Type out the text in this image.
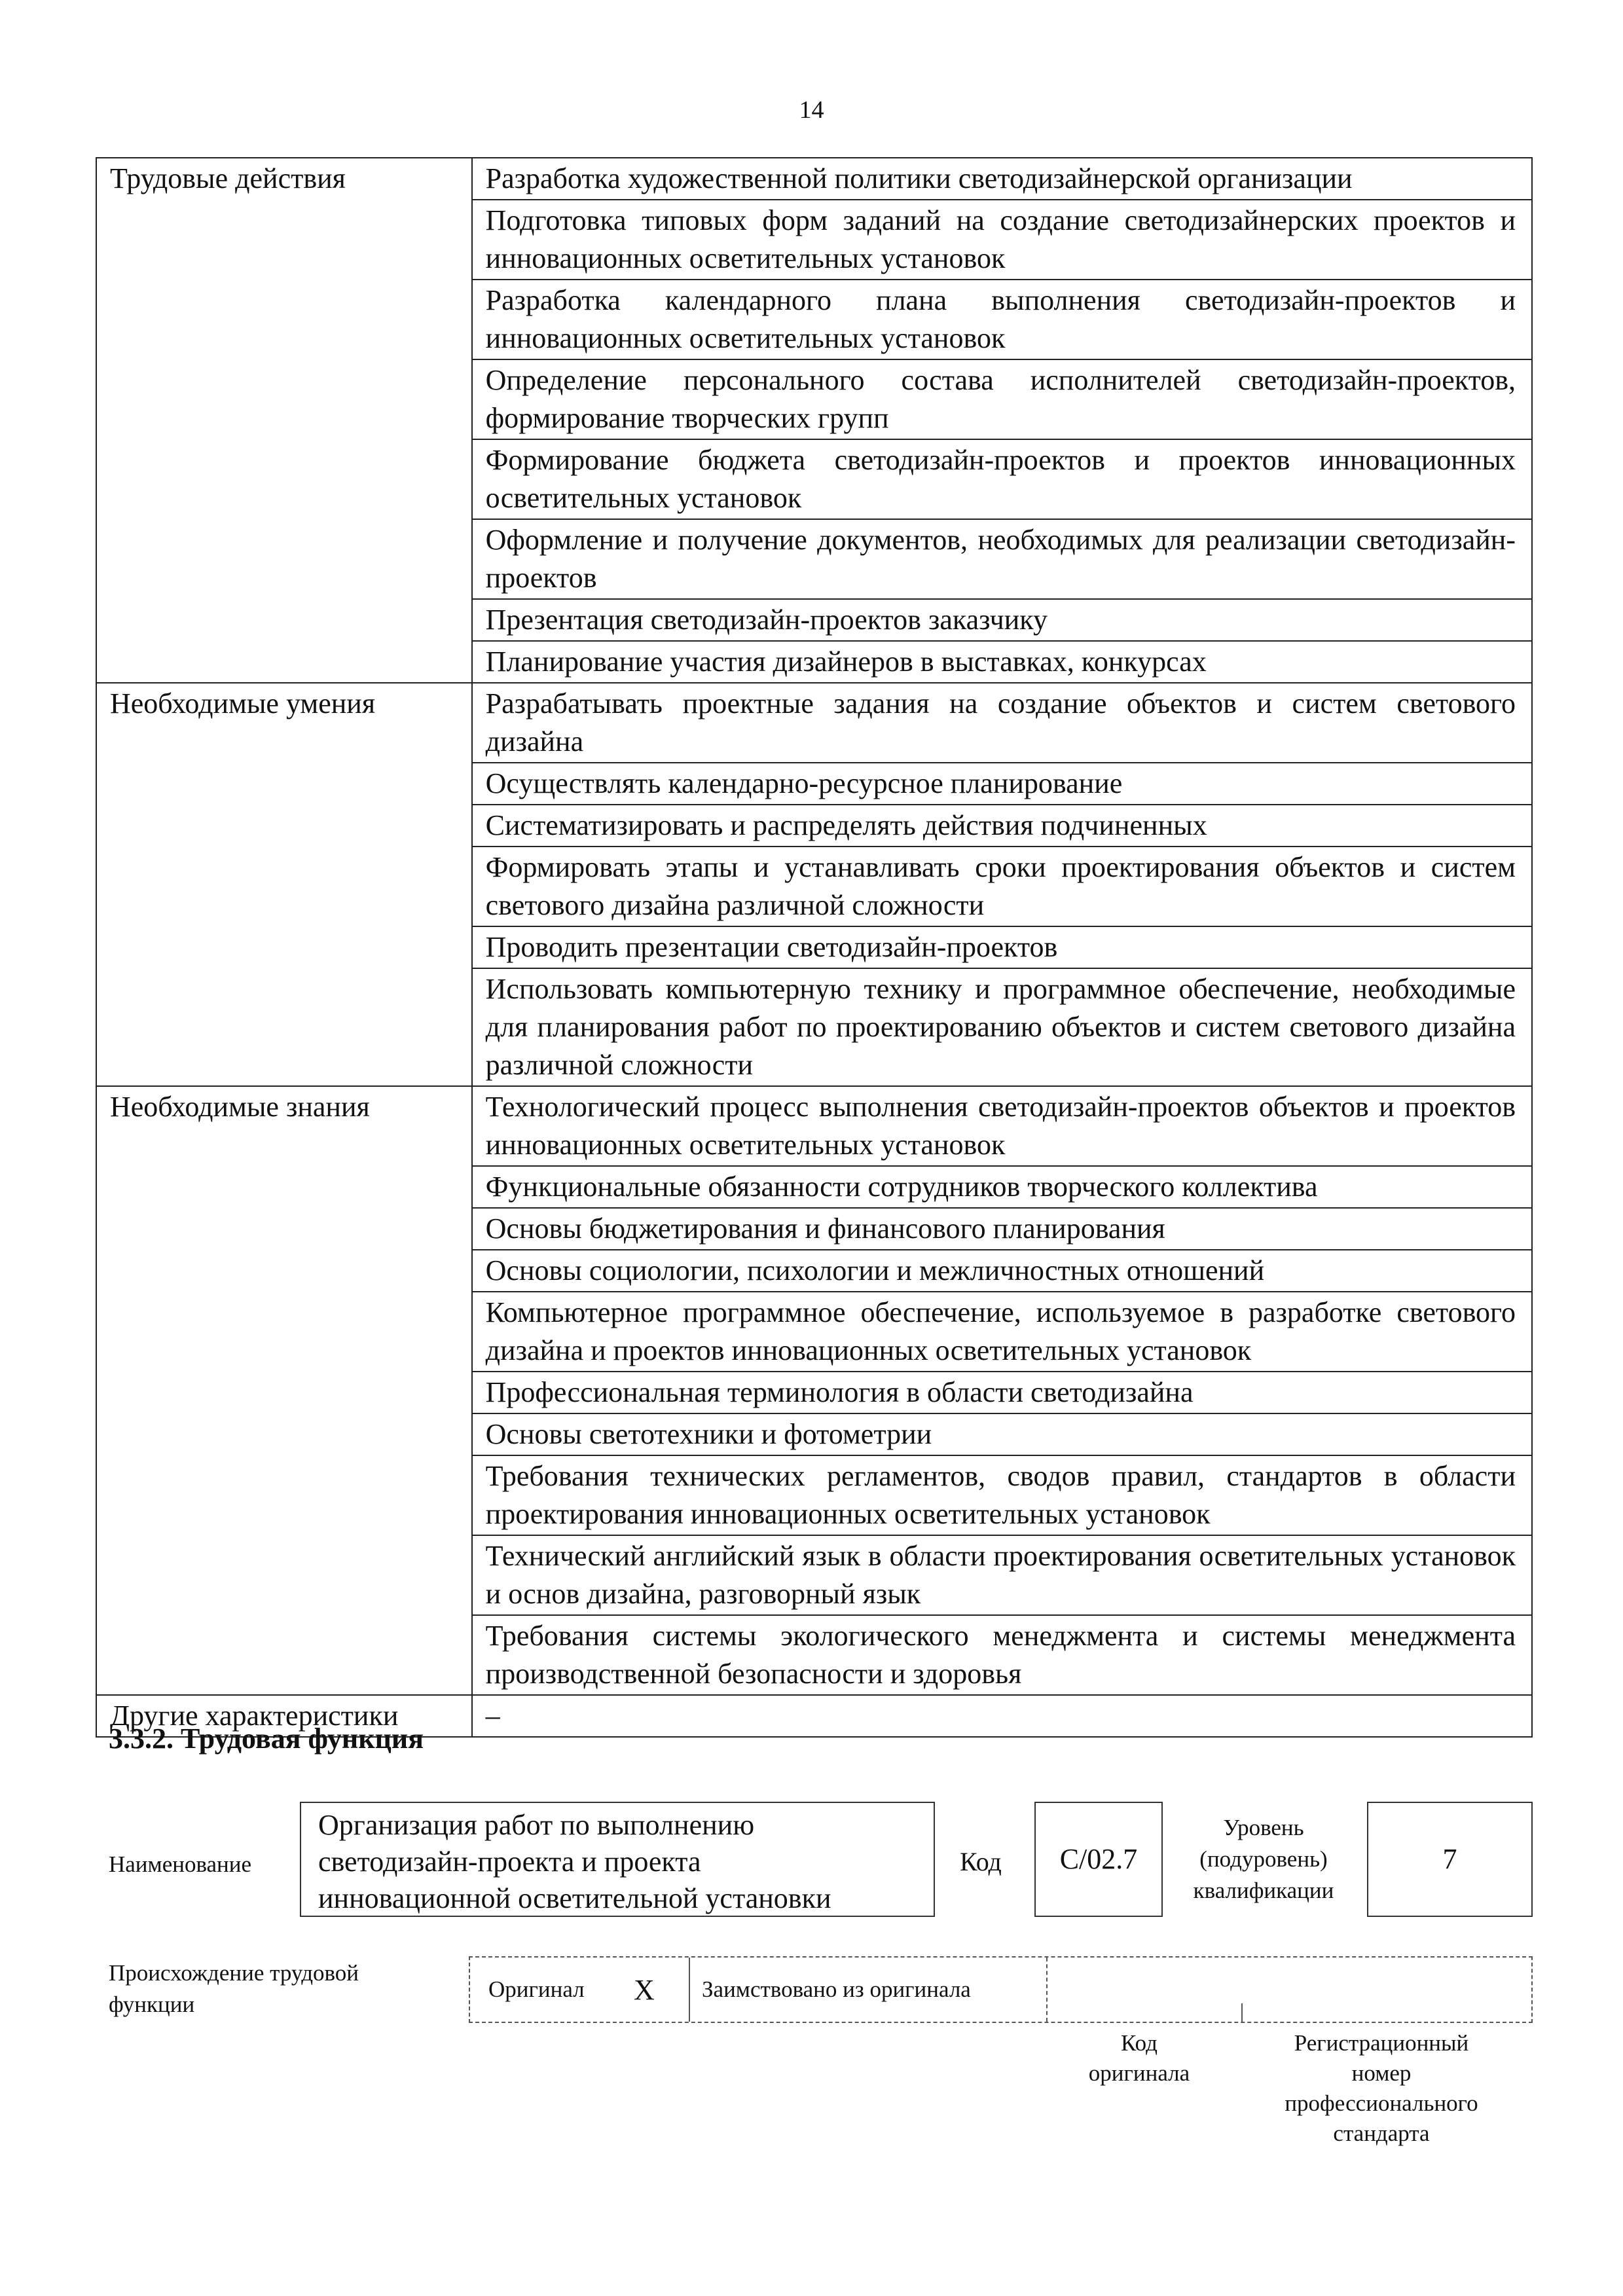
14
Трудовые действия	Разработка художественной политики светодизайнерской организации
	Подготовка типовых форм заданий на создание светодизайнерских проектов и инновационных осветительных установок
	Разработка календарного плана выполнения светодизайн-проектов и инновационных осветительных установок
	Определение персонального состава исполнителей светодизайн-проектов, формирование творческих групп
	Формирование бюджета светодизайн-проектов и проектов инновационных осветительных установок
	Оформление и получение документов, необходимых для реализации светодизайн-проектов
	Презентация светодизайн-проектов заказчику
	Планирование участия дизайнеров в выставках, конкурсах
Необходимые умения	Разрабатывать проектные задания на создание объектов и систем светового дизайна
	Осуществлять календарно-ресурсное планирование
	Систематизировать и распределять действия подчиненных
	Формировать этапы и устанавливать сроки проектирования объектов и систем светового дизайна различной сложности
	Проводить презентации светодизайн-проектов
	Использовать компьютерную технику и программное обеспечение, необходимые для планирования работ по проектированию объектов и систем светового дизайна различной сложности
Необходимые знания	Технологический процесс выполнения светодизайн-проектов объектов и проектов инновационных осветительных установок
	Функциональные обязанности сотрудников творческого коллектива
	Основы бюджетирования и финансового планирования
	Основы социологии, психологии и межличностных отношений
	Компьютерное программное обеспечение, используемое в разработке светового дизайна и проектов инновационных осветительных установок
	Профессиональная терминология в области светодизайна
	Основы светотехники и фотометрии
	Требования технических регламентов, сводов правил, стандартов в области проектирования инновационных осветительных установок
	Технический английский язык в области проектирования осветительных установок и основ дизайна, разговорный язык
	Требования системы экологического менеджмента и системы менеджмента производственной безопасности и здоровья
Другие характеристики	–
3.3.2. Трудовая функция
Наименование
Организация работ по выполнению
светодизайн-проекта и проекта
инновационной осветительной установки
Код C/02.7
Уровень
(подуровень)
квалификации
7
Происхождение трудовой
функции
Оригинал X Заимствовано из оригинала
Код
оригинала
Регистрационный
номер
профессионального
стандарта
